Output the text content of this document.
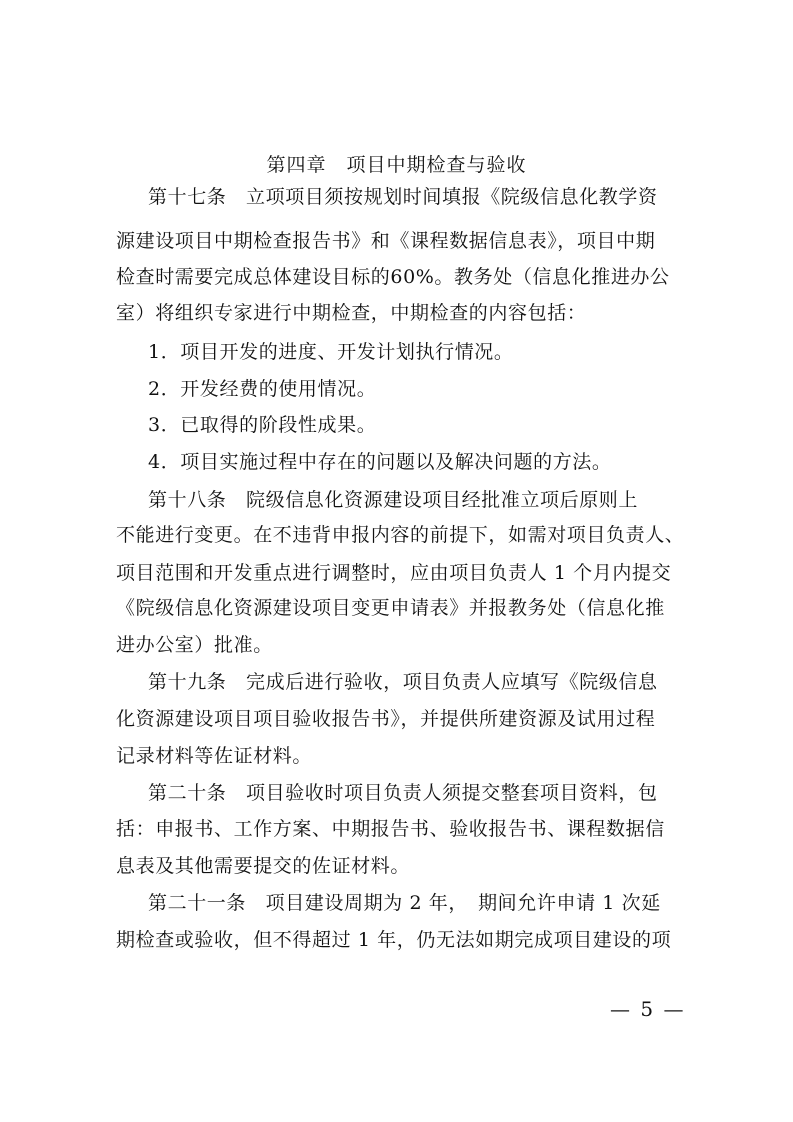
第四章　项目中期检查与验收
第十七条　立项项目须按规划时间填报《院级信息化教学资
源建设项目中期检查报告书》和《课程数据信息表》，项目中期
检查时需要完成总体建设目标的60%。教务处（信息化推进办公
室）将组织专家进行中期检查，中期检查的内容包括：
1．项目开发的进度、开发计划执行情况。
2．开发经费的使用情况。
3．已取得的阶段性成果。
4．项目实施过程中存在的问题以及解决问题的方法。
第十八条　院级信息化资源建设项目经批准立项后原则上
不能进行变更。在不违背申报内容的前提下，如需对项目负责人、
项目范围和开发重点进行调整时，应由项目负责人 1 个月内提交
《院级信息化资源建设项目变更申请表》并报教务处（信息化推
进办公室）批准。
第十九条　完成后进行验收，项目负责人应填写《院级信息
化资源建设项目项目验收报告书》，并提供所建资源及试用过程
记录材料等佐证材料。
第二十条　项目验收时项目负责人须提交整套项目资料，包
括：申报书、工作方案、中期报告书、验收报告书、课程数据信
息表及其他需要提交的佐证材料。
第二十一条　项目建设周期为 2 年，　期间允许申请 1 次延
期检查或验收，但不得超过 1 年，仍无法如期完成项目建设的项
— 5 —
